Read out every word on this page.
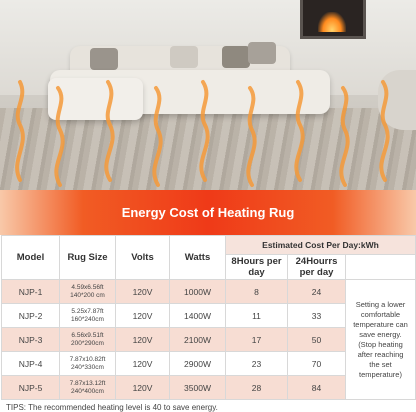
Energy Cost of Heating Rug
Model	Rug Size	Volts	Watts	Estimated Cost Per Day:kWh		
				8Hours per day	24Hourrs per day	
NJP-1	4.59x6.56ft
140*200 cm	120V	1000W	8	24	Setting a lower comfortable temperature can save energy. (Stop heating after reaching the set temperature)
NJP-2	5.25x7.87ft
160*240cm	120V	1400W	11	33	
NJP-3	6.56x9.51ft
200*290cm	120V	2100W	17	50	
NJP-4	7.87x10.82ft
240*330cm	120V	2900W	23	70	
NJP-5	7.87x13.12ft
240*400cm	120V	3500W	28	84	
TIPS: The recommended heating level is 40 to save energy.
